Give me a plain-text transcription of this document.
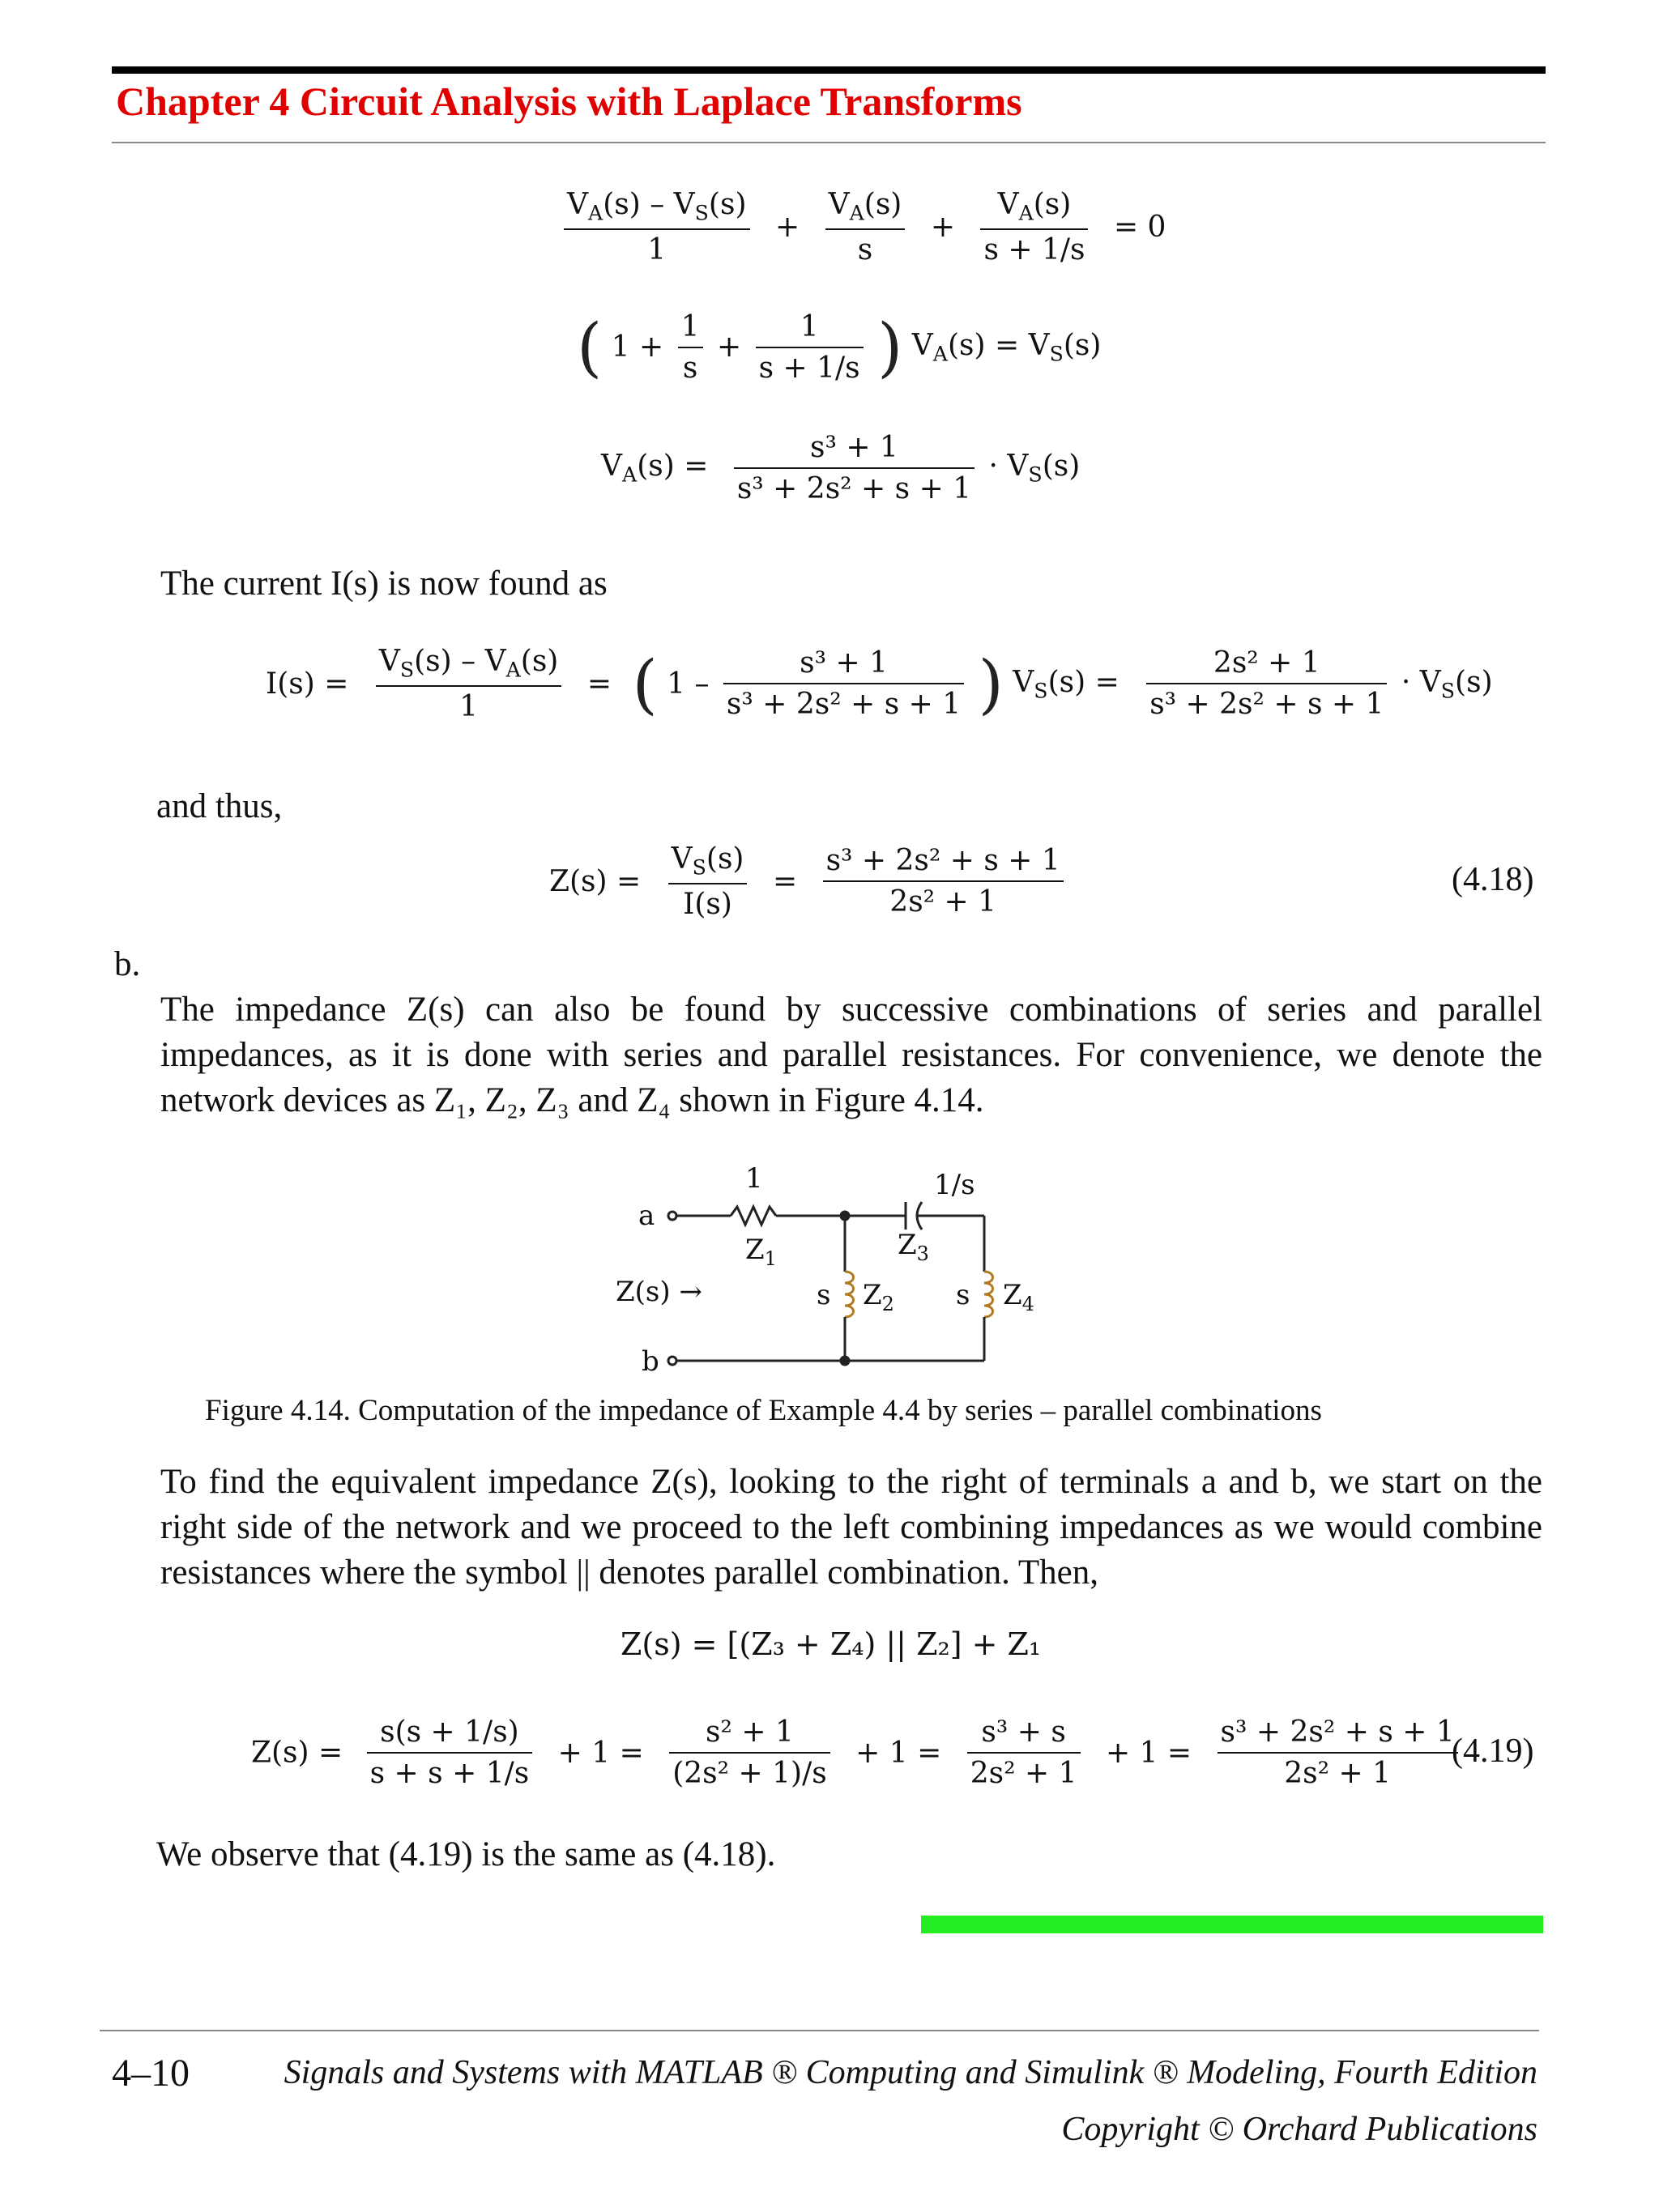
Chapter 4 Circuit Analysis with Laplace Transforms
$\frac{V_A(s) - V_S(s)}{1} + \frac{V_A(s)}{s} + \frac{V_A(s)}{s + 1/s} = 0$
( $1 + \frac{1}{s} + \frac{1}{s + 1/s}$ ) $V_A(s) = V_S(s)$
$V_A(s) = \frac{\text{s³ + 1}}{\text{s³ + 2s² + s + 1}} \cdot V_S(s)$
The current I(s) is now found as
$I(s) = \frac{V_S(s) - V_A(s)}{1}$ = ( $1 - \frac{\text{s³ + 1}}{\text{s³ + 2s² + s + 1}}$ ) $V_S(s) = \frac{\text{2s² + 1}}{\text{s³ + 2s² + s + 1}} \cdot V_S(s)$
and thus,
$Z(s) = \frac{V_S(s)}{I(s)} = \frac{\text{s³ + 2s² + s + 1}}{\text{2s² + 1}}$	(4.18)
b.
The impedance Z(s) can also be found by successive combinations of series and parallel impedances, as it is done with series and parallel resistances. For convenience, we denote the network devices as Z₁, Z₂, Z₃ and Z₄ shown in Figure 4.14.
a
b
1	1/s
$Z_1$	$Z_3$
s $Z_2$ s $Z_4$
Z(s) →
Figure 4.14. Computation of the impedance of Example 4.4 by series – parallel combinations
To find the equivalent impedance Z(s), looking to the right of terminals a and b, we start on the right side of the network and we proceed to the left combining impedances as we would combine resistances where the symbol || denotes parallel combination. Then,
Z(s) = [(Z₃ + Z₄) || Z₂] + Z₁
$Z(s) = \frac{s(s + 1/s)}{s + s + 1/s} + 1 = \frac{\text{s² + 1}}{\text{(2s² + 1)/s}} + 1 = \frac{\text{s³ + s}}{\text{2s² + 1}} + 1 = \frac{\text{s³ + 2s² + s + 1}}{\text{2s² + 1}}$
(4.19)
We observe that (4.19) is the same as (4.18).
4–10	Signals and Systems with MATLAB ® Computing and Simulink ® Modeling, Fourth Edition
Copyright © Orchard Publications
